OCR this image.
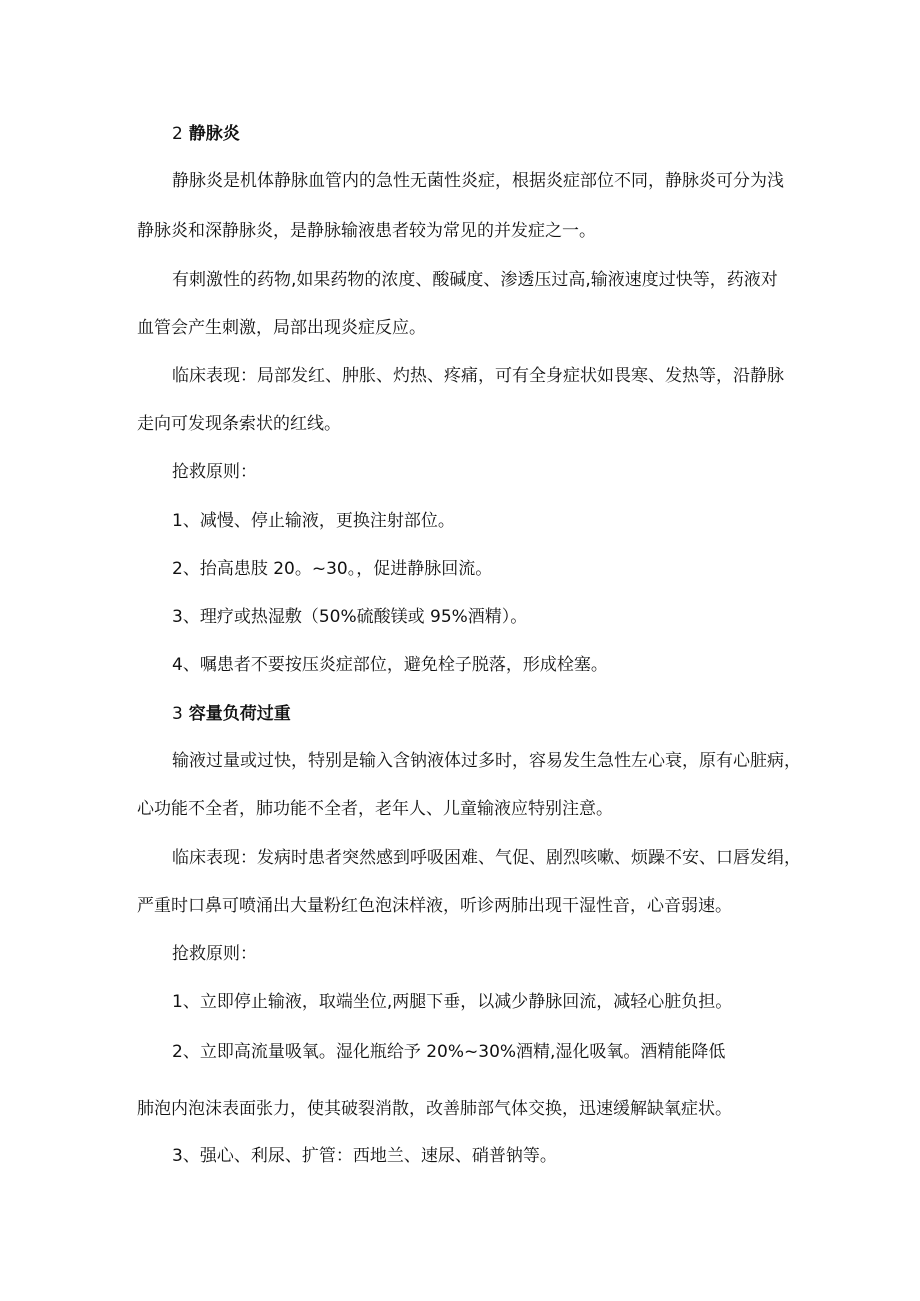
2 静脉炎
静脉炎是机体静脉血管内的急性无菌性炎症，根据炎症部位不同，静脉炎可分为浅
静脉炎和深静脉炎，是静脉输液患者较为常见的并发症之一。
有刺激性的药物,如果药物的浓度、酸碱度、渗透压过高,输液速度过快等，药液对
血管会产生刺激，局部出现炎症反应。
临床表现：局部发红、肿胀、灼热、疼痛，可有全身症状如畏寒、发热等，沿静脉
走向可发现条索状的红线。
抢救原则：
1、减慢、停止输液，更换注射部位。
2、抬高患肢 20。~30。，促进静脉回流。
3、理疗或热湿敷（50%硫酸镁或 95%酒精）。
4、嘱患者不要按压炎症部位，避免栓子脱落，形成栓塞。
3 容量负荷过重
输液过量或过快，特别是输入含钠液体过多时，容易发生急性左心衰，原有心脏病，
心功能不全者，肺功能不全者，老年人、儿童输液应特别注意。
临床表现：发病时患者突然感到呼吸困难、气促、剧烈咳嗽、烦躁不安、口唇发绢，
严重时口鼻可喷涌出大量粉红色泡沫样液，听诊两肺出现干湿性音，心音弱速。
抢救原则：
1、立即停止输液，取端坐位,两腿下垂，以减少静脉回流，减轻心脏负担。
2、立即高流量吸氧。湿化瓶给予 20%~30%酒精,湿化吸氧。酒精能降低
肺泡内泡沫表面张力，使其破裂消散，改善肺部气体交换，迅速缓解缺氧症状。
3、强心、利尿、扩管：西地兰、速尿、硝普钠等。
